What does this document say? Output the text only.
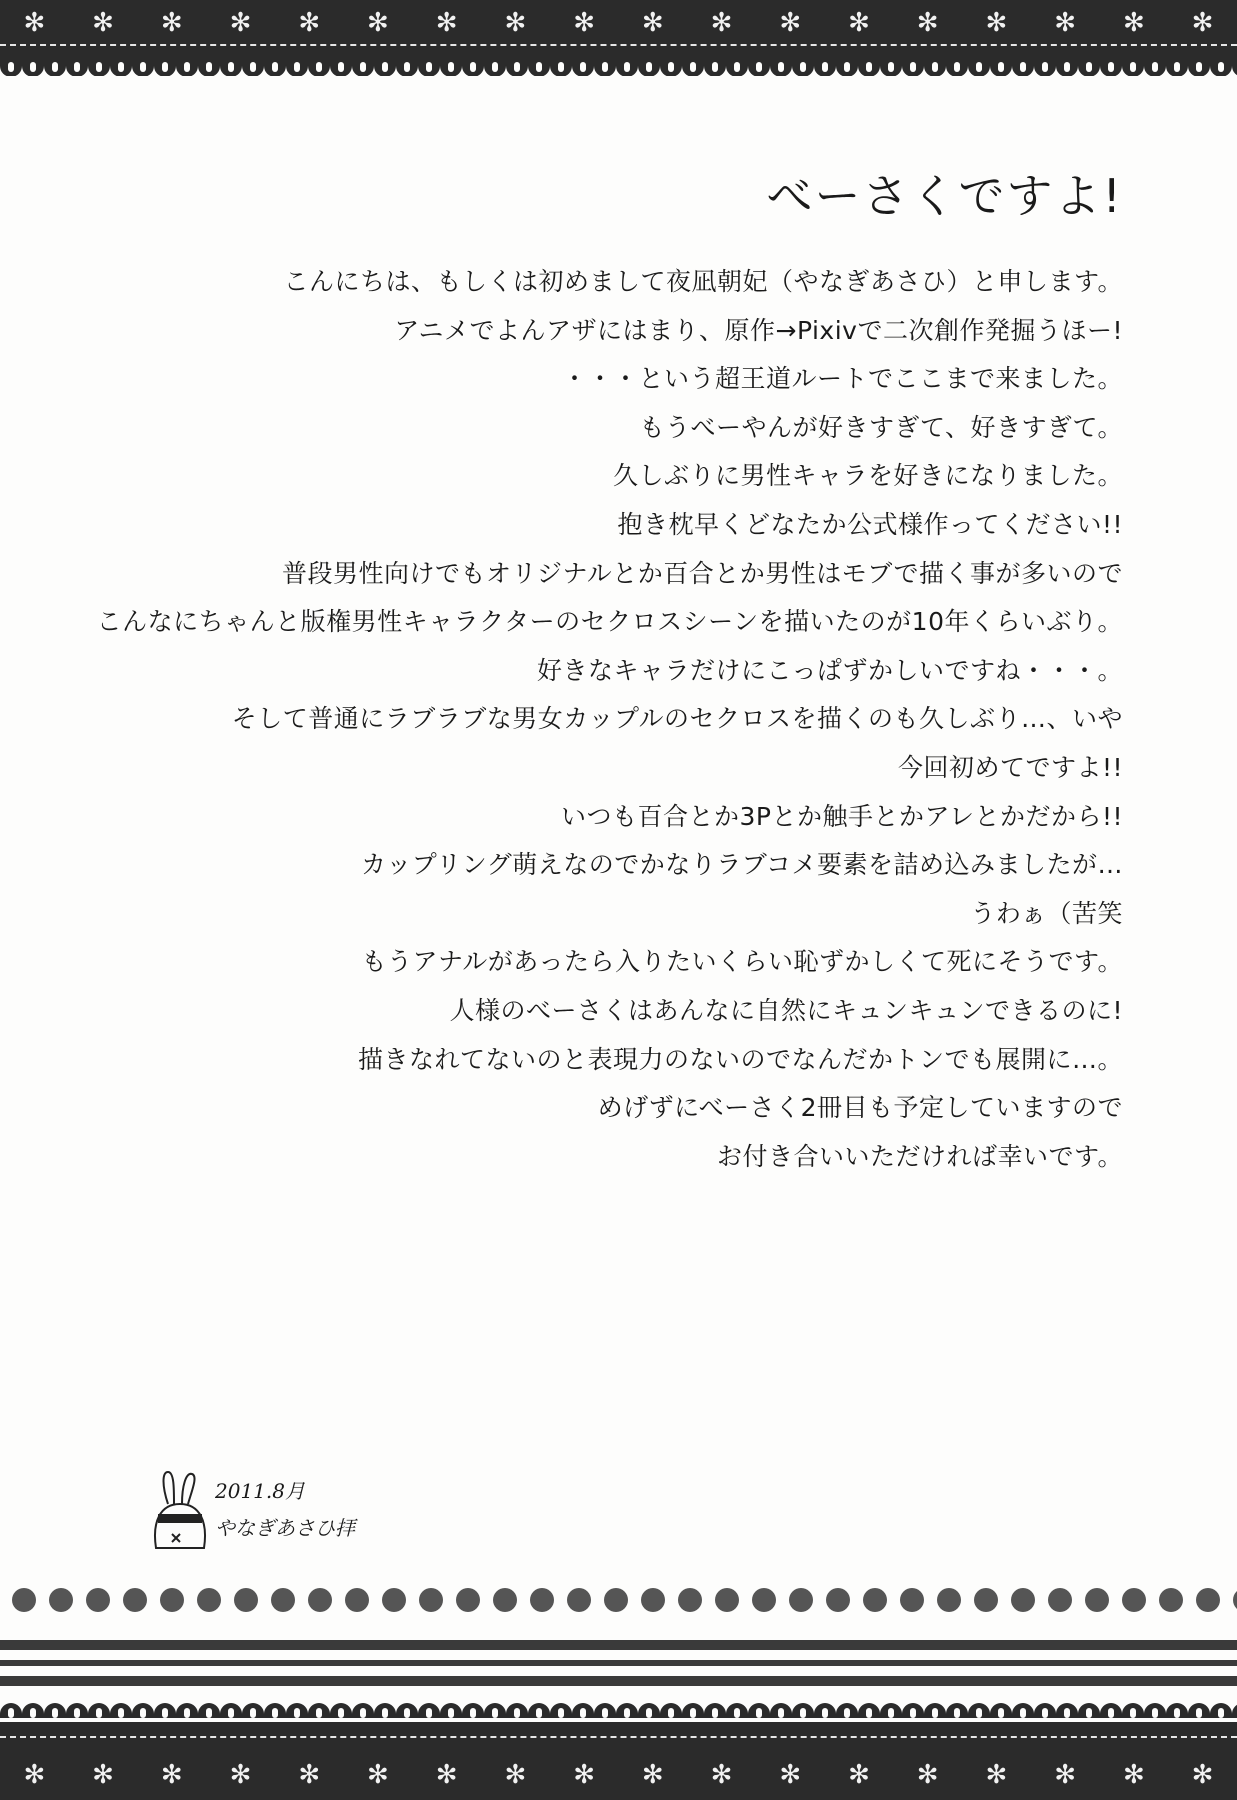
✻ ✻ ✻ ✻ ✻ ✻ ✻ ✻ ✻ ✻ ✻ ✻ ✻ ✻ ✻ ✻ ✻ ✻
べーさくですよ!
こんにちは、もしくは初めまして夜凪朝妃（やなぎあさひ）と申します。
アニメでよんアザにはまり、原作→Pixivで二次創作発掘うほー!
・・・という超王道ルートでここまで来ました。
もうべーやんが好きすぎて、好きすぎて。
久しぶりに男性キャラを好きになりました。
抱き枕早くどなたか公式様作ってください!!
普段男性向けでもオリジナルとか百合とか男性はモブで描く事が多いので
こんなにちゃんと版権男性キャラクターのセクロスシーンを描いたのが10年くらいぶり。
好きなキャラだけにこっぱずかしいですね・・・。
そして普通にラブラブな男女カップルのセクロスを描くのも久しぶり…、いや
今回初めてですよ!!
いつも百合とか3Pとか触手とかアレとかだから!!
カップリング萌えなのでかなりラブコメ要素を詰め込みましたが…
うわぁ（苦笑
もうアナルがあったら入りたいくらい恥ずかしくて死にそうです。
人様のべーさくはあんなに自然にキュンキュンできるのに!
描きなれてないのと表現力のないのでなんだかトンでも展開に…。
めげずにべーさく2冊目も予定していますので
お付き合いいただければ幸いです。
2011.8月
やなぎあさひ拝
✻ ✻ ✻ ✻ ✻ ✻ ✻ ✻ ✻ ✻ ✻ ✻ ✻ ✻ ✻ ✻ ✻ ✻
